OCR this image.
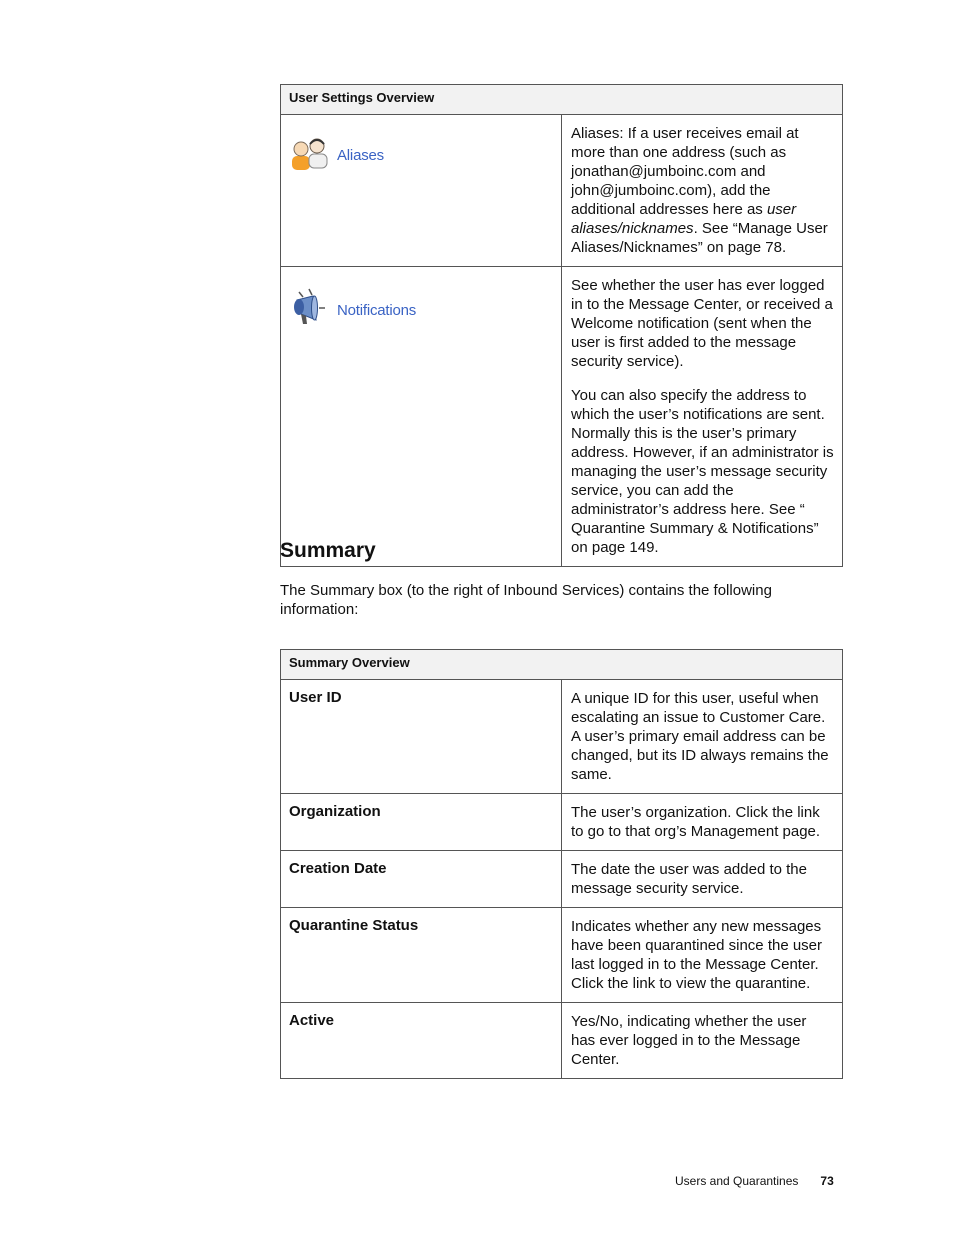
User Settings Overview	

Aliases	Aliases: If a user receives email at more than one address (such as jonathan@jumboinc.com and john@jumboinc.com), add the additional addresses here as user aliases/nicknames. See “Manage User Aliases/Nicknames” on page 78.

Notifications	See whether the user has ever logged in to the Message Center, or received a Welcome notification (sent when the user is first added to the message security service).
You can also specify the address to which the user’s notifications are sent. Normally this is the user’s primary address. However, if an administrator is managing the user’s message security service, you can add the administrator’s address here. See “ Quarantine Summary & Notifications” on page 149.
Summary
The Summary box (to the right of Inbound Services) contains the following information:
Summary Overview	
User ID	A unique ID for this user, useful when escalating an issue to Customer Care. A user’s primary email address can be changed, but its ID always remains the same.
Organization	The user’s organization. Click the link to go to that org’s Management page.
Creation Date	The date the user was added to the message security service.
Quarantine Status	Indicates whether any new messages have been quarantined since the user last logged in to the Message Center. Click the link to view the quarantine.
Active	Yes/No, indicating whether the user has ever logged in to the Message Center.
Users and Quarantines 73
